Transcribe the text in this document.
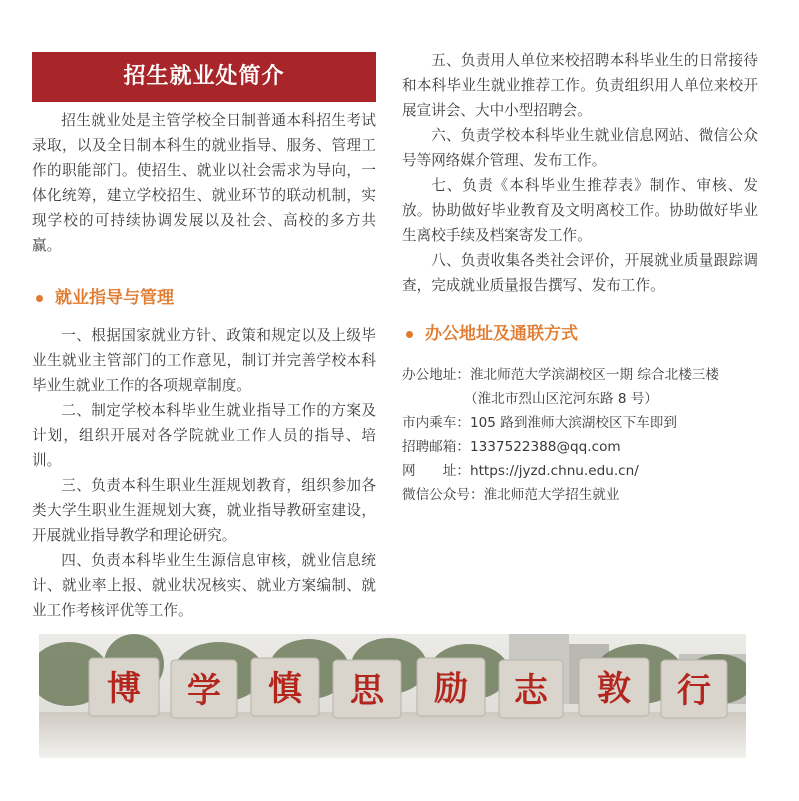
招生就业处简介

招生就业处是主管学校全日制普通本科招生考试录取，以及全日制本科生的就业指导、服务、管理工作的职能部门。使招生、就业以社会需求为导向，一体化统筹，建立学校招生、就业环节的联动机制，实现学校的可持续协调发展以及社会、高校的多方共赢。

就业指导与管理

一、根据国家就业方针、政策和规定以及上级毕业生就业主管部门的工作意见，制订并完善学校本科毕业生就业工作的各项规章制度。

二、制定学校本科毕业生就业指导工作的方案及计划，组织开展对各学院就业工作人员的指导、培训。

三、负责本科生职业生涯规划教育，组织参加各类大学生职业生涯规划大赛，就业指导教研室建设，开展就业指导教学和理论研究。

四、负责本科毕业生生源信息审核，就业信息统计、就业率上报、就业状况核实、就业方案编制、就业工作考核评优等工作。

五、负责用人单位来校招聘本科毕业生的日常接待和本科毕业生就业推荐工作。负责组织用人单位来校开展宣讲会、大中小型招聘会。

六、负责学校本科毕业生就业信息网站、微信公众号等网络媒介管理、发布工作。

七、负责《本科毕业生推荐表》制作、审核、发放。协助做好毕业教育及文明离校工作。协助做好毕业生离校手续及档案寄发工作。

八、负责收集各类社会评价，开展就业质量跟踪调查，完成就业质量报告撰写、发布工作。

办公地址及通联方式

办公地址：淮北师范大学滨湖校区一期 综合北楼三楼

（淮北市烈山区沱河东路 8 号）

市内乘车：105 路到淮师大滨湖校区下车即到

招聘邮箱：1337522388@qq.com

网　　址：https://jyzd.chnu.edu.cn/

微信公众号：淮北师范大学招生就业

博 学 慎 思 励 志 敦 行
